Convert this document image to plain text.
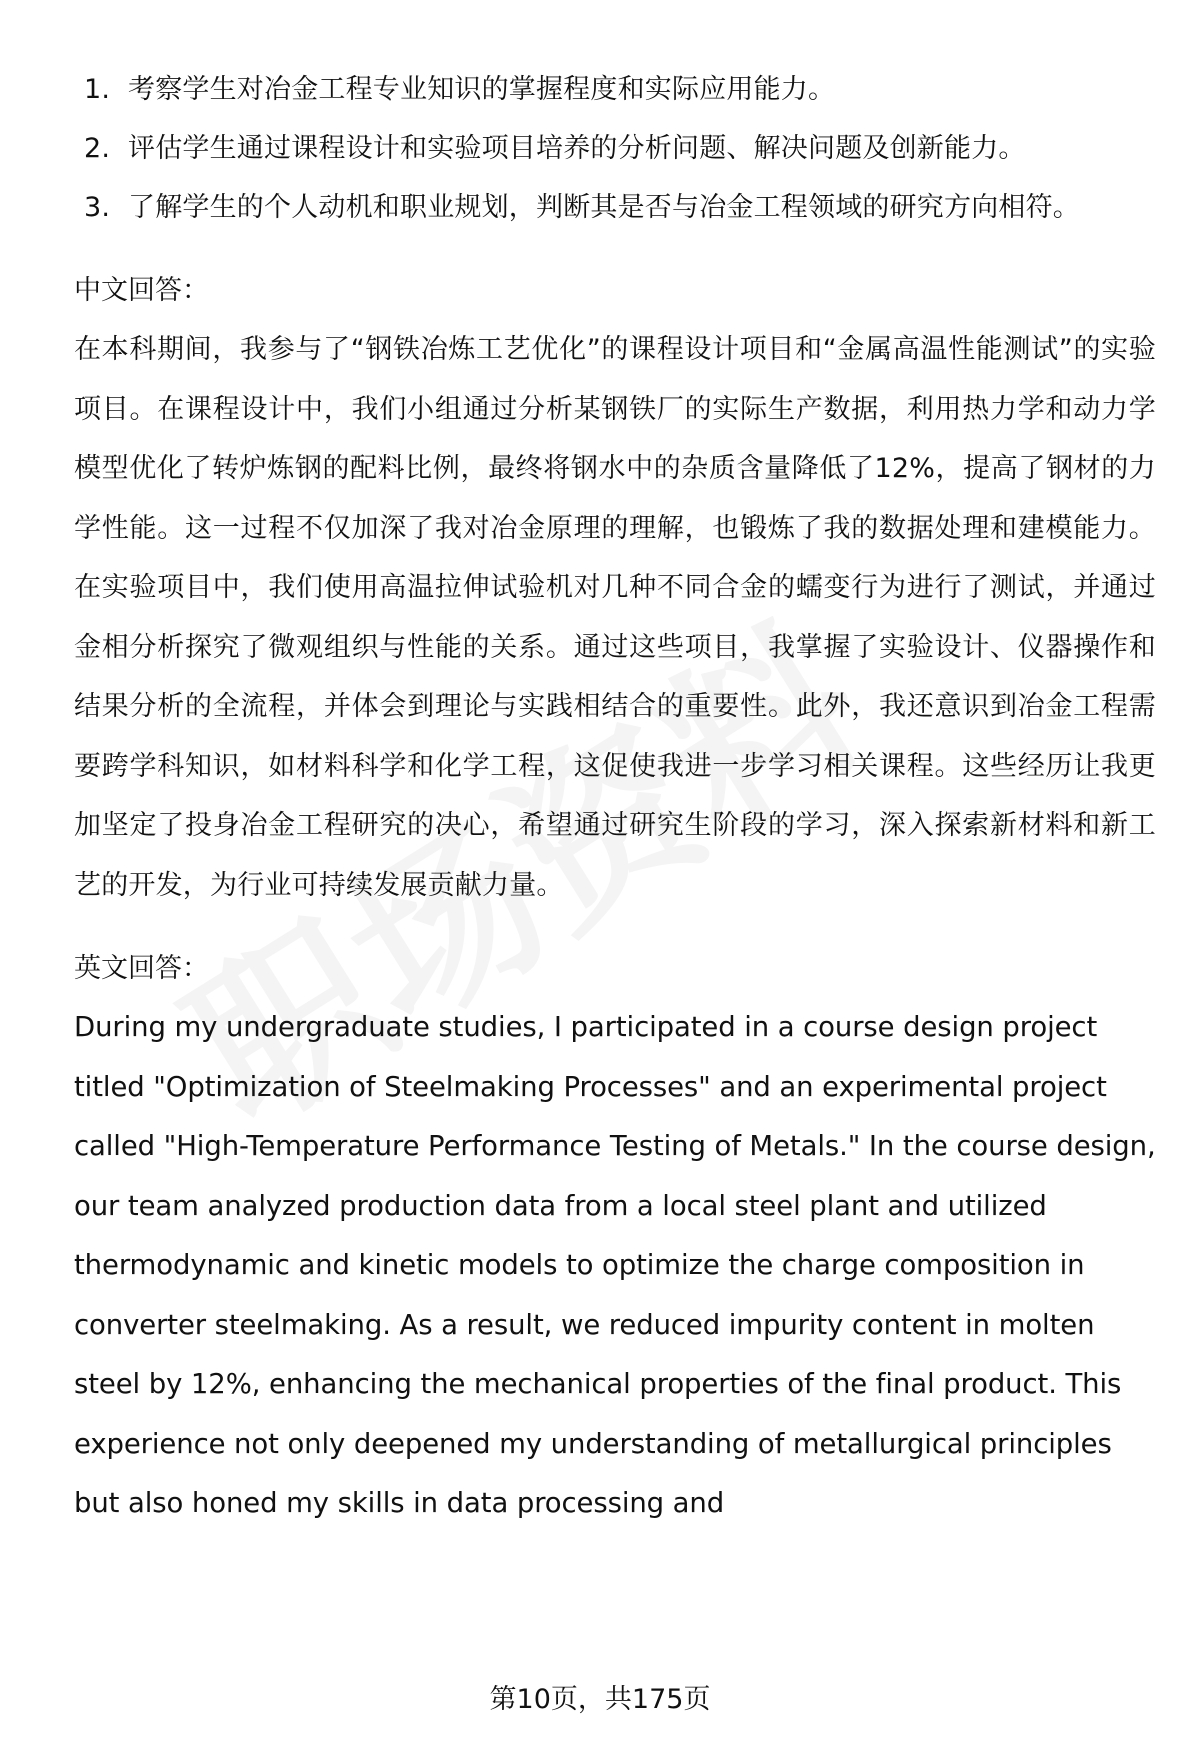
1. 考察学生对冶金工程专业知识的掌握程度和实际应用能力。
2. 评估学生通过课程设计和实验项目培养的分析问题、解决问题及创新能力。
3. 了解学生的个人动机和职业规划，判断其是否与冶金工程领域的研究方向相符。
中文回答：
在本科期间，我参与了“钢铁冶炼工艺优化”的课程设计项目和“金属高温性能测试”的实验项目。在课程设计中，我们小组通过分析某钢铁厂的实际生产数据，利用热力学和动力学模型优化了转炉炼钢的配料比例，最终将钢水中的杂质含量降低了12%，提高了钢材的力学性能。这一过程不仅加深了我对冶金原理的理解，也锻炼了我的数据处理和建模能力。在实验项目中，我们使用高温拉伸试验机对几种不同合金的蠕变行为进行了测试，并通过金相分析探究了微观组织与性能的关系。通过这些项目，我掌握了实验设计、仪器操作和结果分析的全流程，并体会到理论与实践相结合的重要性。此外，我还意识到冶金工程需要跨学科知识，如材料科学和化学工程，这促使我进一步学习相关课程。这些经历让我更加坚定了投身冶金工程研究的决心，希望通过研究生阶段的学习，深入探索新材料和新工艺的开发，为行业可持续发展贡献力量。
英文回答：
During my undergraduate studies, I participated in a course design project titled "Optimization of Steelmaking Processes" and an experimental project called "High-Temperature Performance Testing of Metals." In the course design, our team analyzed production data from a local steel plant and utilized thermodynamic and kinetic models to optimize the charge composition in converter steelmaking. As a result, we reduced impurity content in molten steel by 12%, enhancing the mechanical properties of the final product. This experience not only deepened my understanding of metallurgical principles but also honed my skills in data processing and
第10页，共175页
